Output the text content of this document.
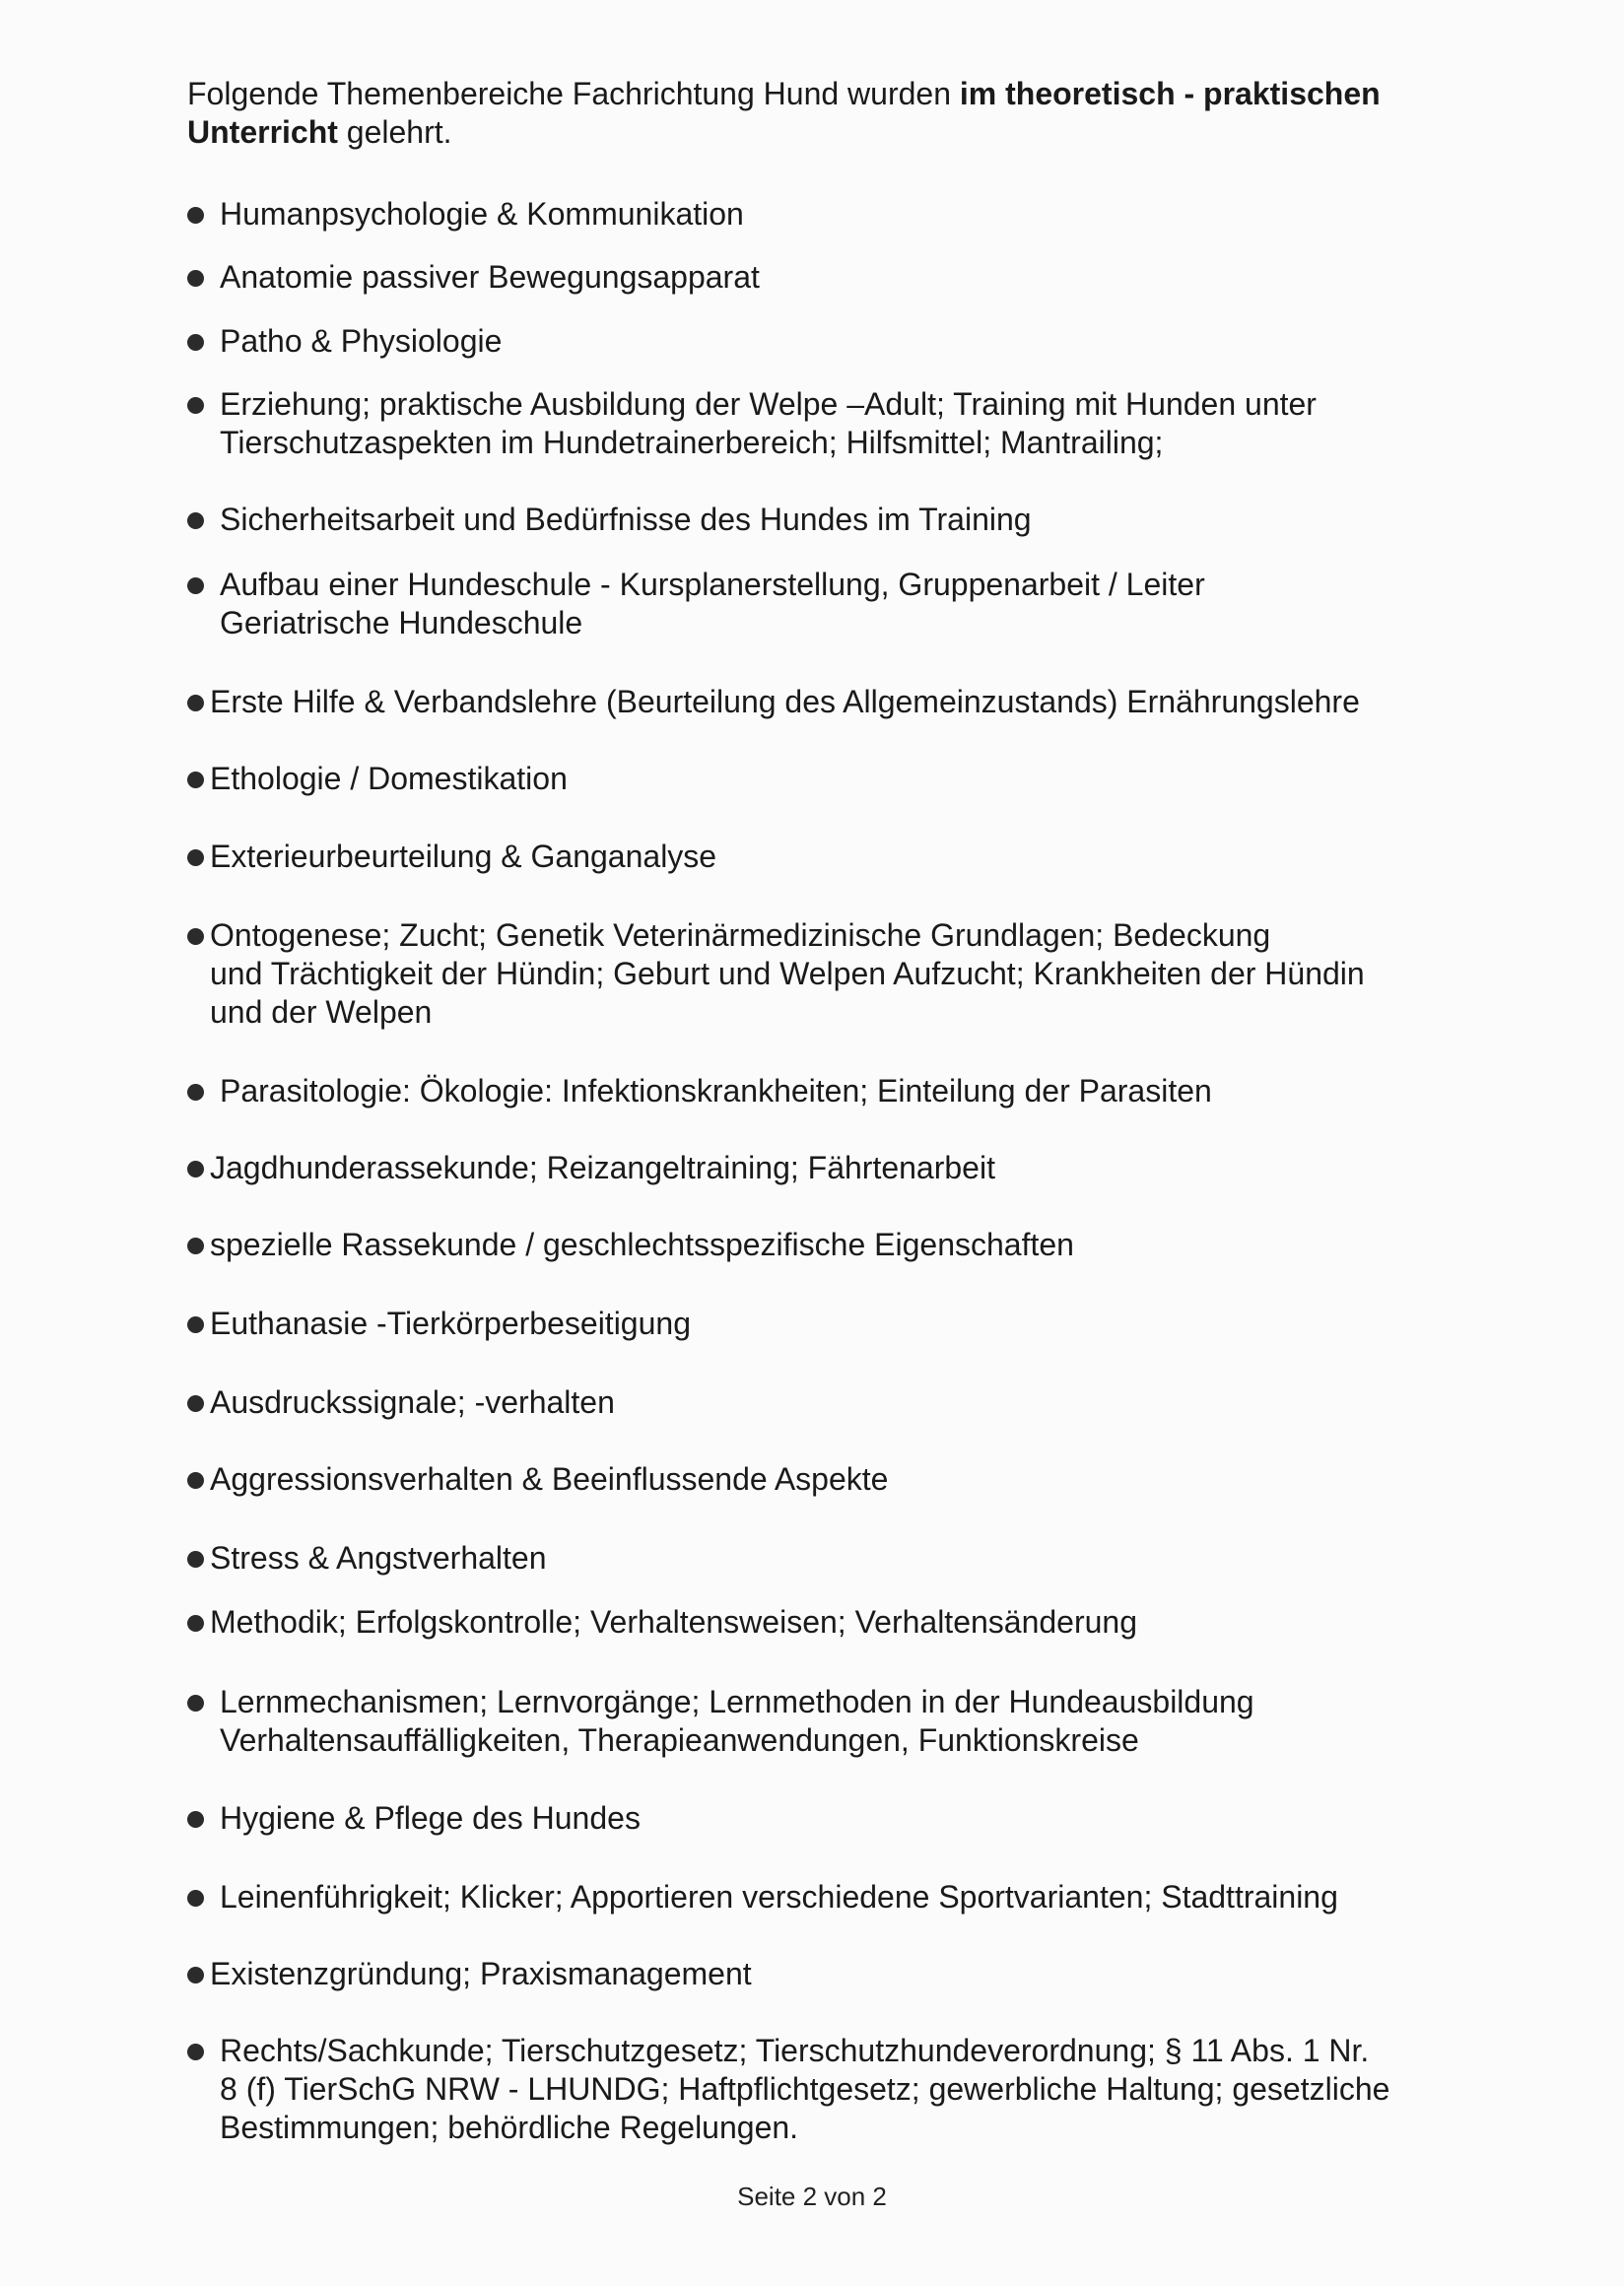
Folgende Themenbereiche Fachrichtung Hund wurden im theoretisch - praktischen Unterricht gelehrt.
Humanpsychologie & Kommunikation
Anatomie passiver Bewegungsapparat
Patho & Physiologie
Erziehung; praktische Ausbildung der Welpe –Adult; Training mit Hunden unter
Tierschutzaspekten im Hundetrainerbereich; Hilfsmittel; Mantrailing;
Sicherheitsarbeit und Bedürfnisse des Hundes im Training
Aufbau einer Hundeschule - Kursplanerstellung, Gruppenarbeit / Leiter
Geriatrische Hundeschule
Erste Hilfe & Verbandslehre (Beurteilung des Allgemeinzustands) Ernährungslehre
Ethologie / Domestikation
Exterieurbeurteilung & Ganganalyse
Ontogenese; Zucht; Genetik Veterinärmedizinische Grundlagen; Bedeckung
und Trächtigkeit der Hündin; Geburt und Welpen Aufzucht; Krankheiten der Hündin
und der Welpen
Parasitologie: Ökologie: Infektionskrankheiten; Einteilung der Parasiten
Jagdhunderassekunde; Reizangeltraining; Fährtenarbeit
spezielle Rassekunde / geschlechtsspezifische Eigenschaften
Euthanasie -Tierkörperbeseitigung
Ausdruckssignale; -verhalten
Aggressionsverhalten & Beeinflussende Aspekte
Stress & Angstverhalten
Methodik; Erfolgskontrolle; Verhaltensweisen; Verhaltensänderung
Lernmechanismen; Lernvorgänge; Lernmethoden in der Hundeausbildung
Verhaltensauffälligkeiten, Therapieanwendungen, Funktionskreise
Hygiene & Pflege des Hundes
Leinenführigkeit; Klicker; Apportieren verschiedene Sportvarianten; Stadttraining
Existenzgründung; Praxismanagement
Rechts/Sachkunde; Tierschutzgesetz; Tierschutzhundeverordnung; § 11 Abs. 1 Nr.
8 (f) TierSchG NRW - LHUNDG; Haftpflichtgesetz; gewerbliche Haltung; gesetzliche
Bestimmungen; behördliche Regelungen.
Seite 2 von 2
